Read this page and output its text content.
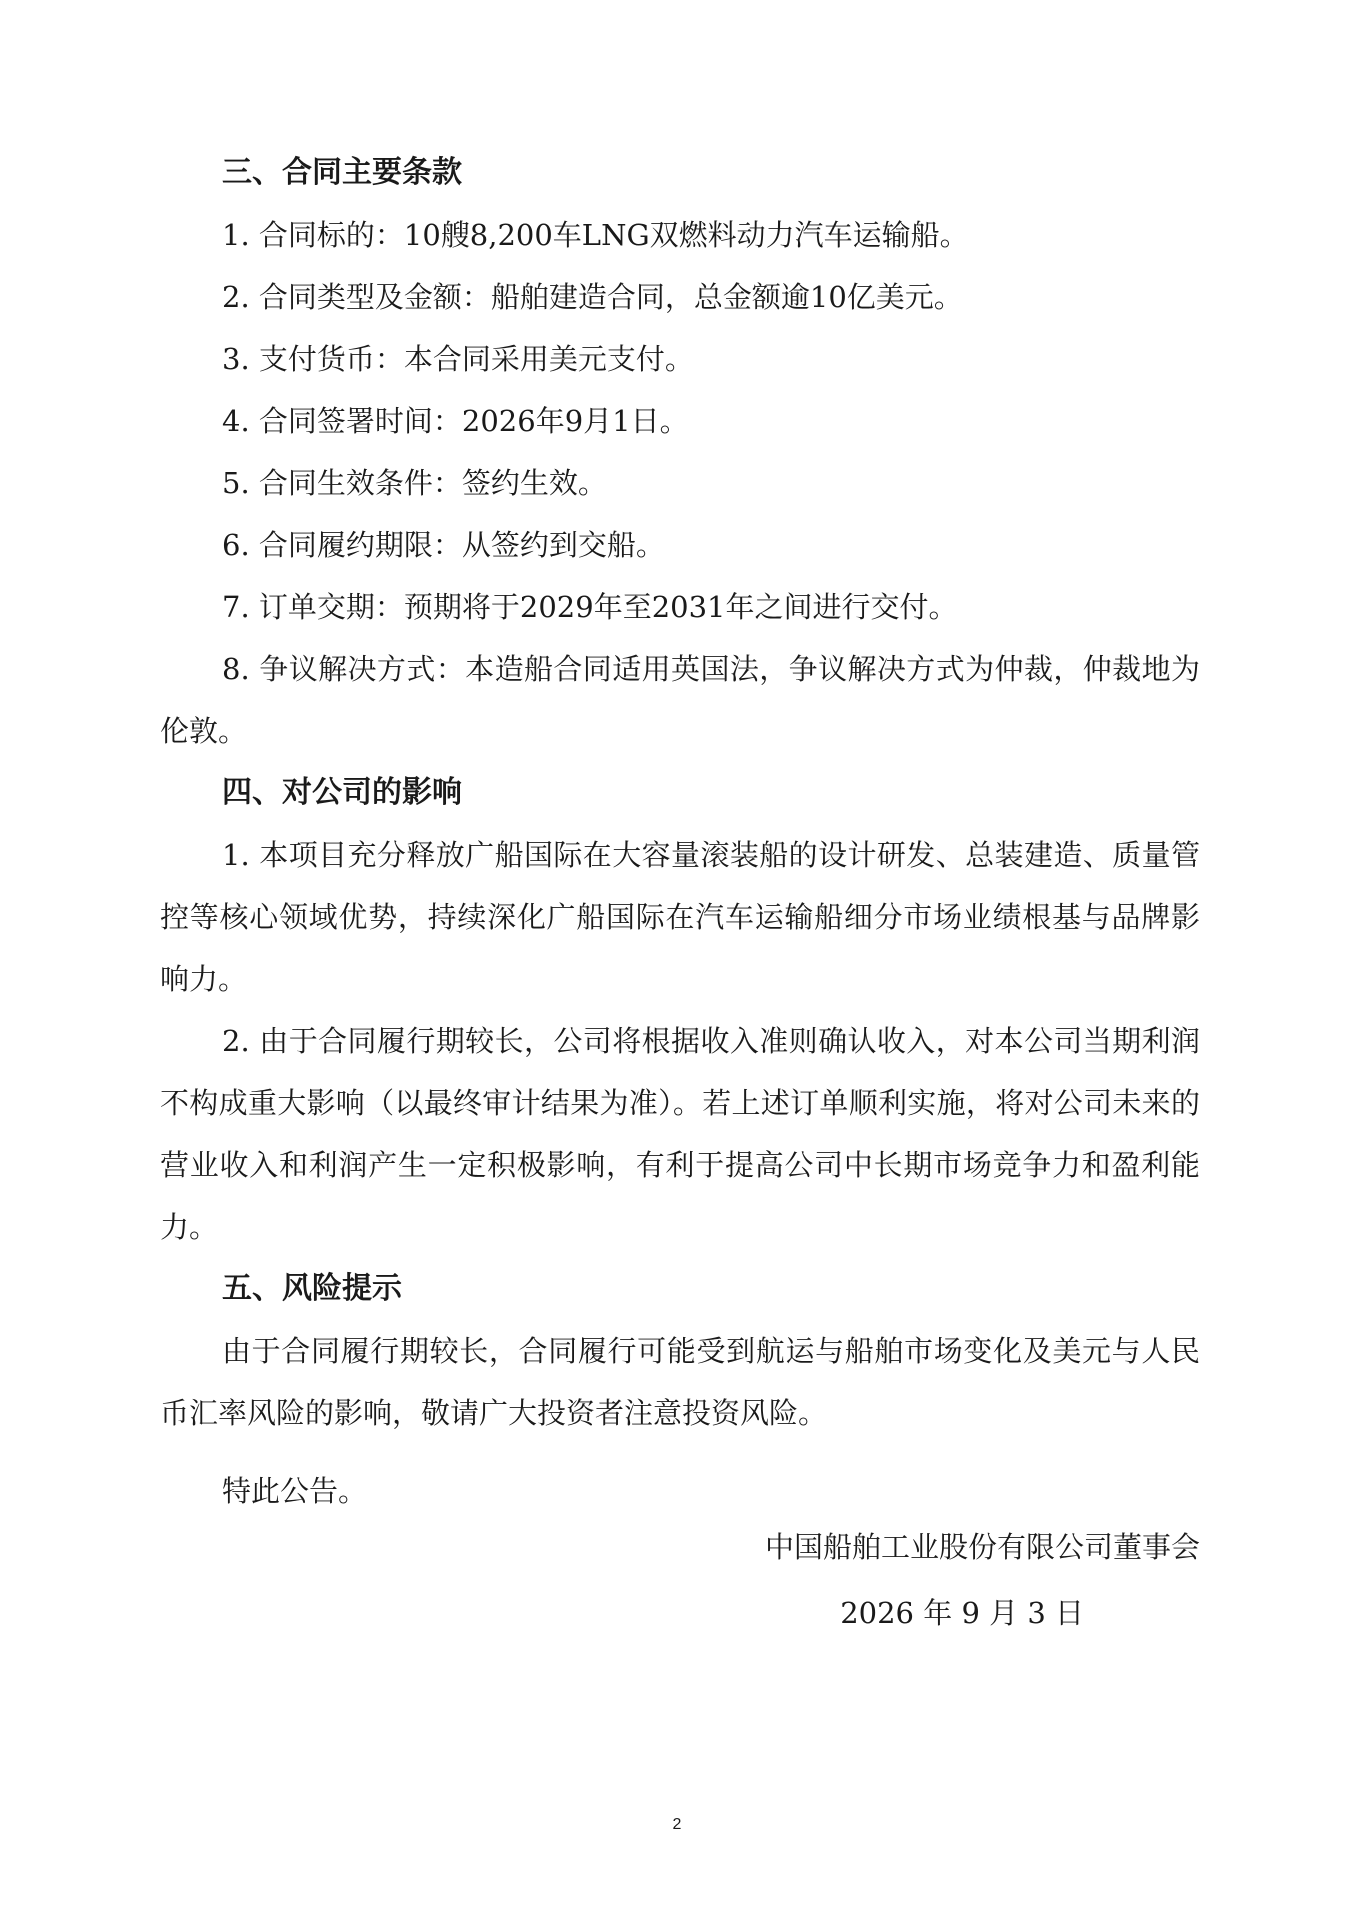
三、合同主要条款

1. 合同标的：10艘8,200车LNG双燃料动力汽车运输船。

2. 合同类型及金额：船舶建造合同，总金额逾10亿美元。

3. 支付货币：本合同采用美元支付。

4. 合同签署时间：2026年9月1日。

5. 合同生效条件：签约生效。

6. 合同履约期限：从签约到交船。

7. 订单交期：预期将于2029年至2031年之间进行交付。

8. 争议解决方式：本造船合同适用英国法，争议解决方式为仲裁，仲裁地为伦敦。

四、对公司的影响

1. 本项目充分释放广船国际在大容量滚装船的设计研发、总装建造、质量管控等核心领域优势，持续深化广船国际在汽车运输船细分市场业绩根基与品牌影响力。

2. 由于合同履行期较长，公司将根据收入准则确认收入，对本公司当期利润不构成重大影响（以最终审计结果为准）。若上述订单顺利实施，将对公司未来的营业收入和利润产生一定积极影响，有利于提高公司中长期市场竞争力和盈利能力。

五、风险提示

由于合同履行期较长，合同履行可能受到航运与船舶市场变化及美元与人民币汇率风险的影响，敬请广大投资者注意投资风险。

特此公告。

中国船舶工业股份有限公司董事会
2026 年 9 月 3 日
2
